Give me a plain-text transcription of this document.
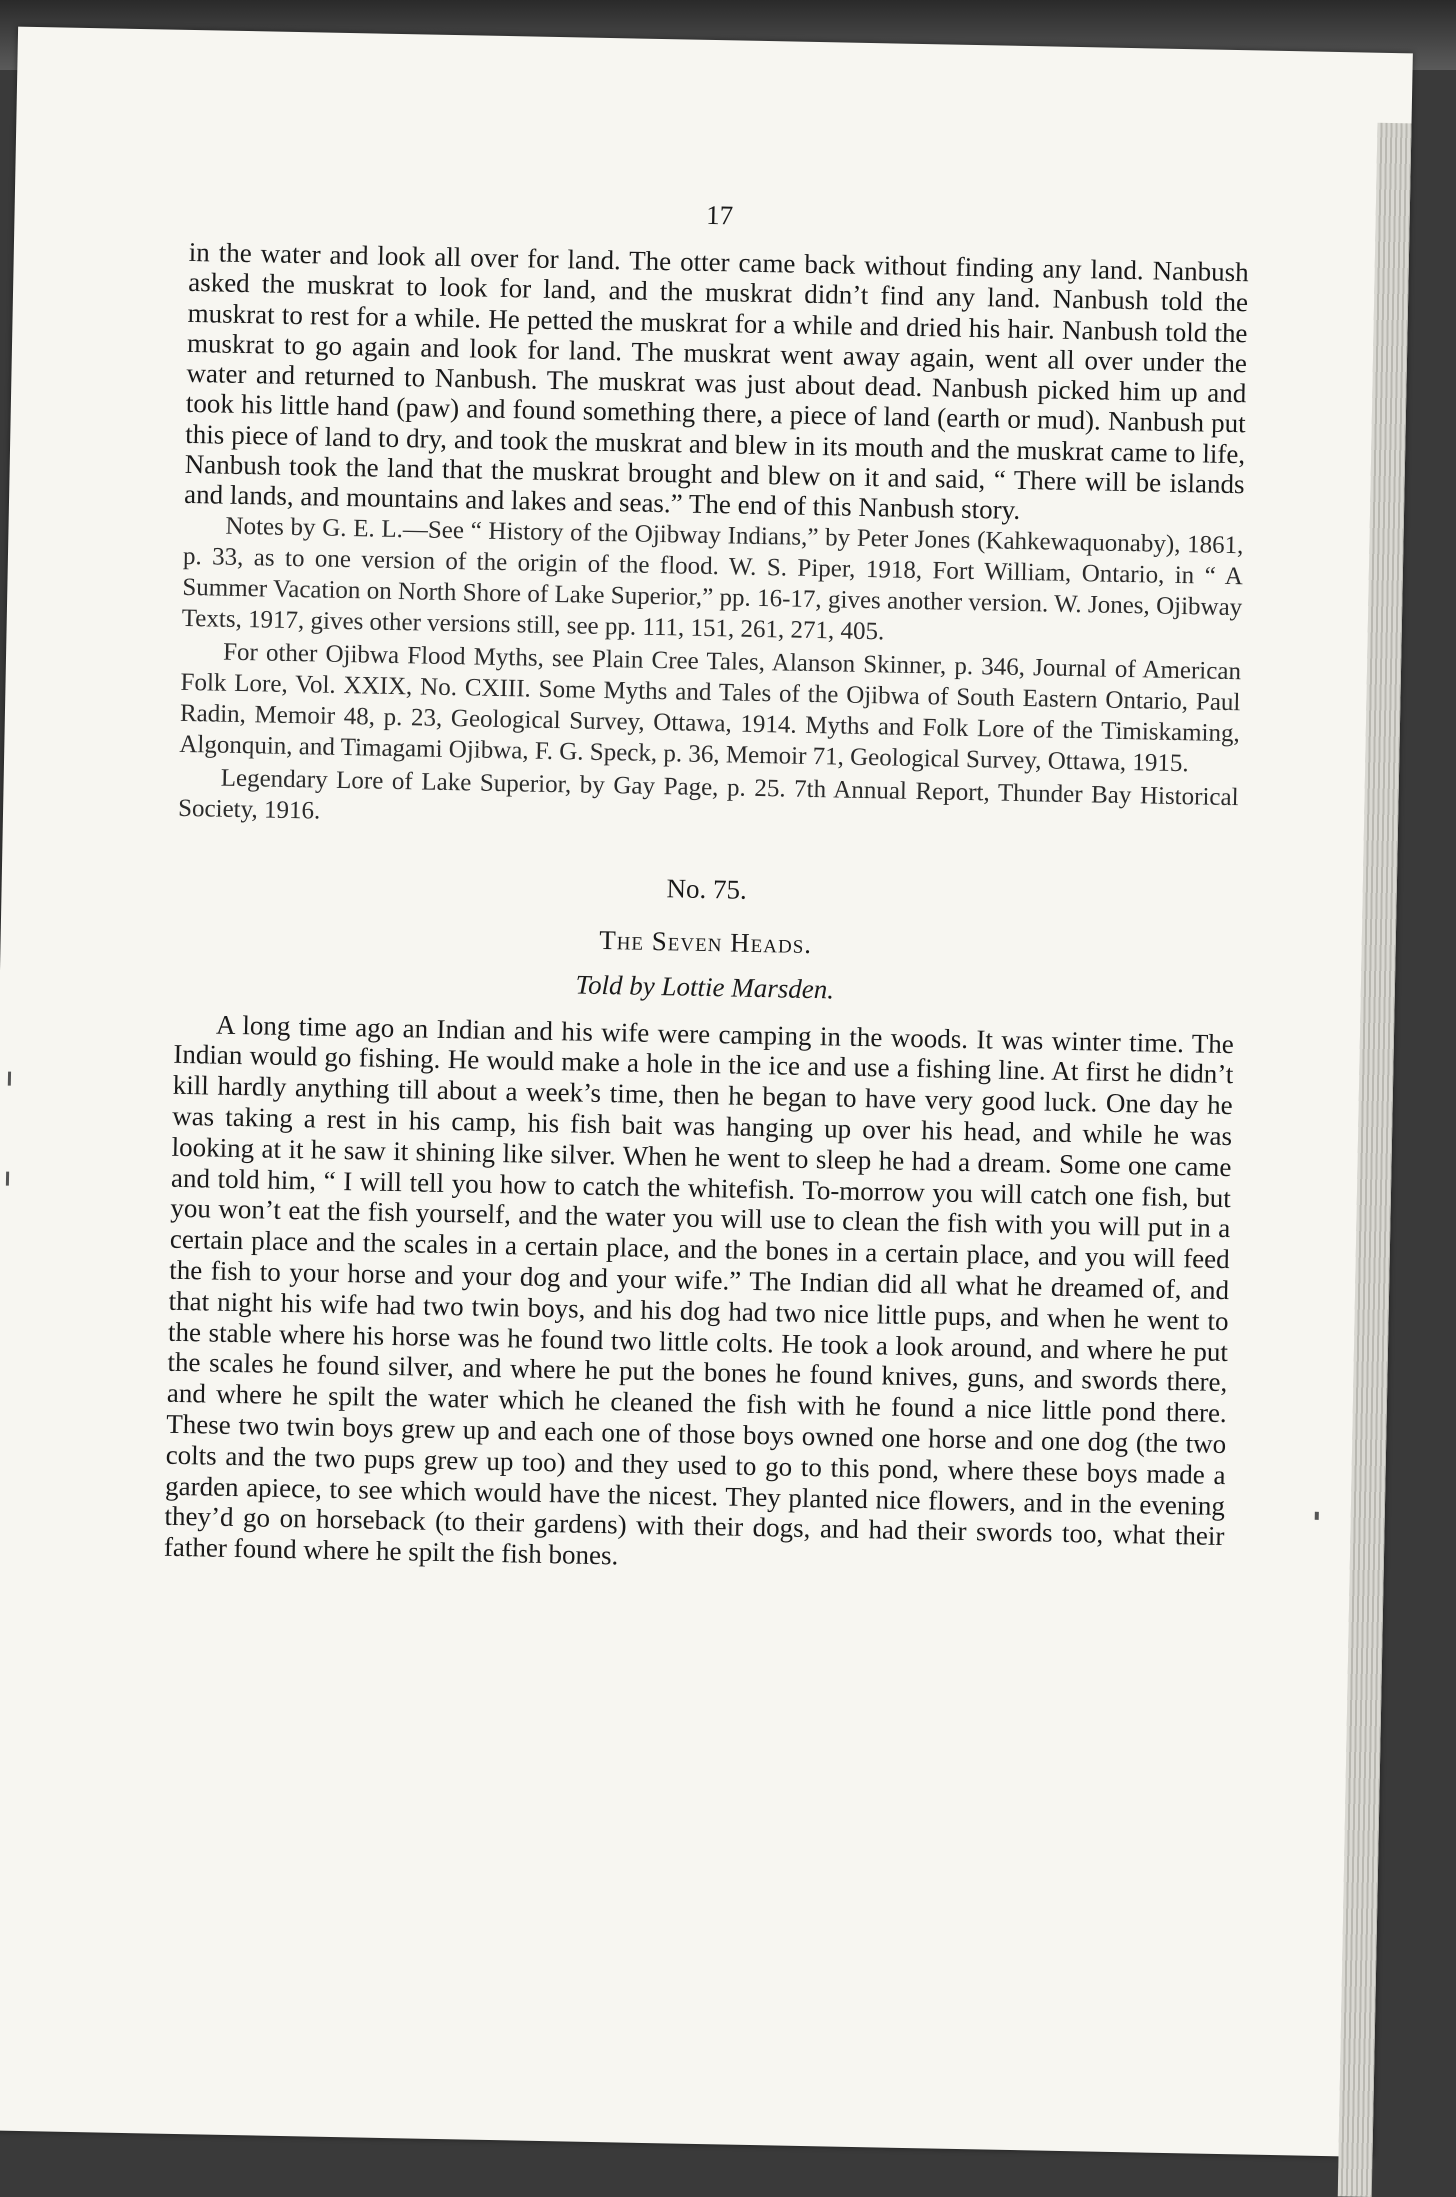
17

in the water and look all over for land. The otter came back without finding any land. Nanbush asked the muskrat to look for land, and the muskrat didn’t find any land. Nanbush told the muskrat to rest for a while. He petted the muskrat for a while and dried his hair. Nanbush told the muskrat to go again and look for land. The muskrat went away again, went all over under the water and returned to Nanbush. The muskrat was just about dead. Nanbush picked him up and took his little hand (paw) and found something there, a piece of land (earth or mud). Nanbush put this piece of land to dry, and took the muskrat and blew in its mouth and the muskrat came to life, Nanbush took the land that the muskrat brought and blew on it and said, “ There will be islands and lands, and mountains and lakes and seas.” The end of this Nanbush story.

Notes by G. E. L.—See “ History of the Ojibway Indians,” by Peter Jones (Kahkewaquonaby), 1861, p. 33, as to one version of the origin of the flood. W. S. Piper, 1918, Fort William, Ontario, in “ A Summer Vacation on North Shore of Lake Superior,” pp. 16-17, gives another version. W. Jones, Ojibway Texts, 1917, gives other versions still, see pp. 111, 151, 261, 271, 405.

For other Ojibwa Flood Myths, see Plain Cree Tales, Alanson Skinner, p. 346, Journal of American Folk Lore, Vol. XXIX, No. CXIII. Some Myths and Tales of the Ojibwa of South Eastern Ontario, Paul Radin, Memoir 48, p. 23, Geological Survey, Ottawa, 1914. Myths and Folk Lore of the Timiskaming, Algonquin, and Timagami Ojibwa, F. G. Speck, p. 36, Memoir 71, Geological Survey, Ottawa, 1915.

Legendary Lore of Lake Superior, by Gay Page, p. 25. 7th Annual Report, Thunder Bay Historical Society, 1916.

No. 75.
The Seven Heads.
Told by Lottie Marsden.

A long time ago an Indian and his wife were camping in the woods. It was winter time. The Indian would go fishing. He would make a hole in the ice and use a fishing line. At first he didn’t kill hardly anything till about a week’s time, then he began to have very good luck. One day he was taking a rest in his camp, his fish bait was hanging up over his head, and while he was looking at it he saw it shining like silver. When he went to sleep he had a dream. Some one came and told him, “ I will tell you how to catch the whitefish. To-morrow you will catch one fish, but you won’t eat the fish yourself, and the water you will use to clean the fish with you will put in a certain place and the scales in a certain place, and the bones in a certain place, and you will feed the fish to your horse and your dog and your wife.” The Indian did all what he dreamed of, and that night his wife had two twin boys, and his dog had two nice little pups, and when he went to the stable where his horse was he found two little colts. He took a look around, and where he put the scales he found silver, and where he put the bones he found knives, guns, and swords there, and where he spilt the water which he cleaned the fish with he found a nice little pond there. These two twin boys grew up and each one of those boys owned one horse and one dog (the two colts and the two pups grew up too) and they used to go to this pond, where these boys made a garden apiece, to see which would have the nicest. They planted nice flowers, and in the evening they’d go on horseback (to their gardens) with their dogs, and had their swords too, what their father found where he spilt the fish bones.
